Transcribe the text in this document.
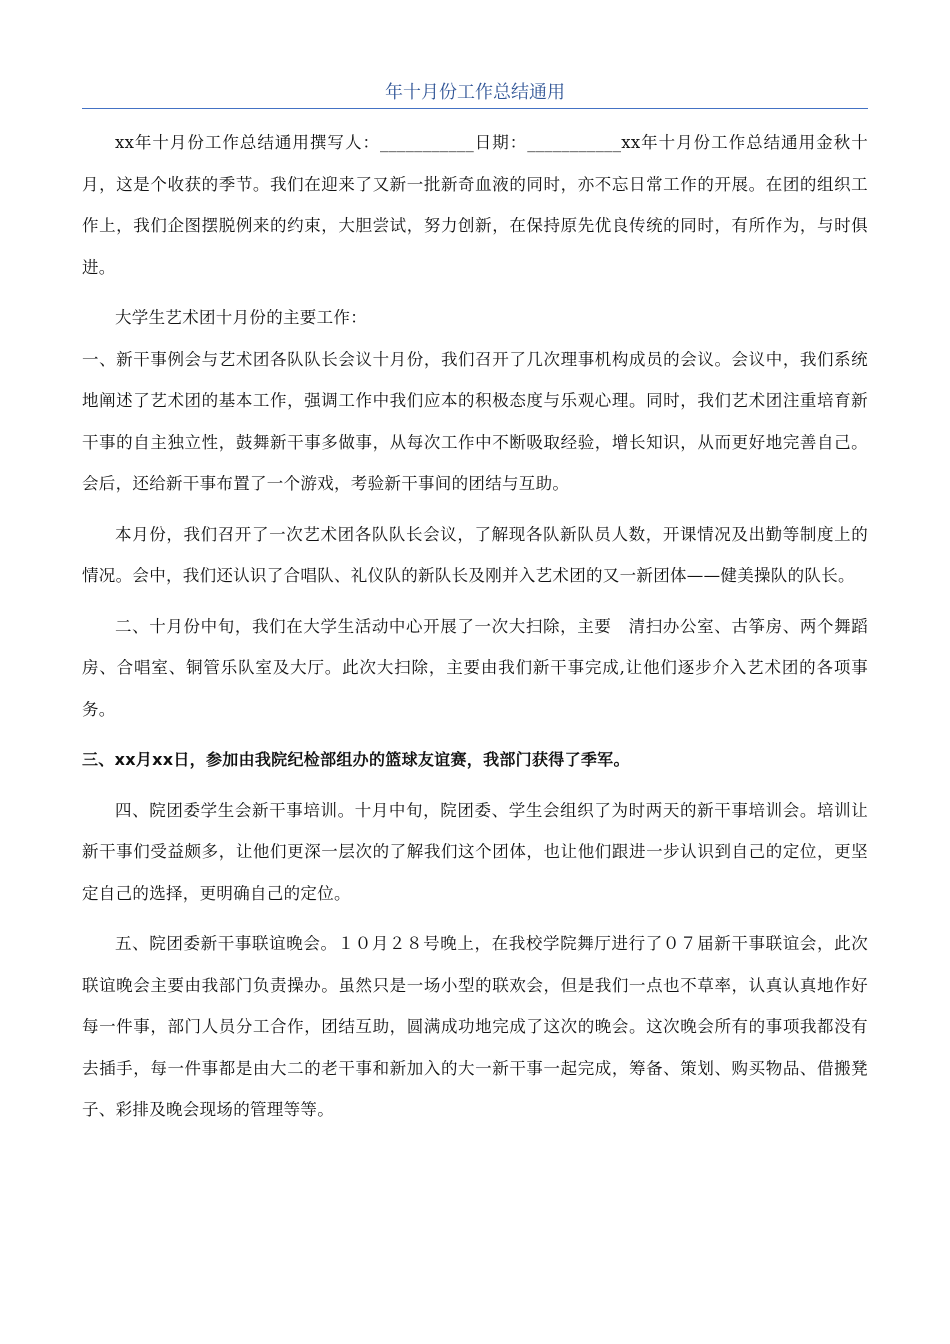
年十月份工作总结通用

xx年十月份工作总结通用撰写人：___________日期：___________xx年十月份工作总结通用金秋十月，这是个收获的季节。我们在迎来了又新一批新奇血液的同时，亦不忘日常工作的开展。在团的组织工作上，我们企图摆脱例来的约束，大胆尝试，努力创新，在保持原先优良传统的同时，有所作为，与时俱进。

大学生艺术团十月份的主要工作：

一、新干事例会与艺术团各队队长会议十月份，我们召开了几次理事机构成员的会议。会议中，我们系统地阐述了艺术团的基本工作，强调工作中我们应本的积极态度与乐观心理。同时，我们艺术团注重培育新干事的自主独立性，鼓舞新干事多做事，从每次工作中不断吸取经验，增长知识，从而更好地完善自己。会后，还给新干事布置了一个游戏，考验新干事间的团结与互助。

本月份，我们召开了一次艺术团各队队长会议，了解现各队新队员人数，开课情况及出勤等制度上的情况。会中，我们还认识了合唱队、礼仪队的新队长及刚并入艺术团的又一新团体——健美操队的队长。

二、十月份中旬，我们在大学生活动中心开展了一次大扫除，主要　清扫办公室、古筝房、两个舞蹈房、合唱室、铜管乐队室及大厅。此次大扫除，主要由我们新干事完成,让他们逐步介入艺术团的各项事务。

三、xx月xx日，参加由我院纪检部组办的篮球友谊赛，我部门获得了季军。

四、院团委学生会新干事培训。十月中旬，院团委、学生会组织了为时两天的新干事培训会。培训让新干事们受益颇多，让他们更深一层次的了解我们这个团体，也让他们跟进一步认识到自己的定位，更坚定自己的选择，更明确自己的定位。

五、院团委新干事联谊晚会。１０月２８号晚上，在我校学院舞厅进行了０７届新干事联谊会，此次联谊晚会主要由我部门负责操办。虽然只是一场小型的联欢会，但是我们一点也不草率，认真认真地作好每一件事，部门人员分工合作，团结互助，圆满成功地完成了这次的晚会。这次晚会所有的事项我都没有去插手，每一件事都是由大二的老干事和新加入的大一新干事一起完成，筹备、策划、购买物品、借搬凳子、彩排及晚会现场的管理等等。
